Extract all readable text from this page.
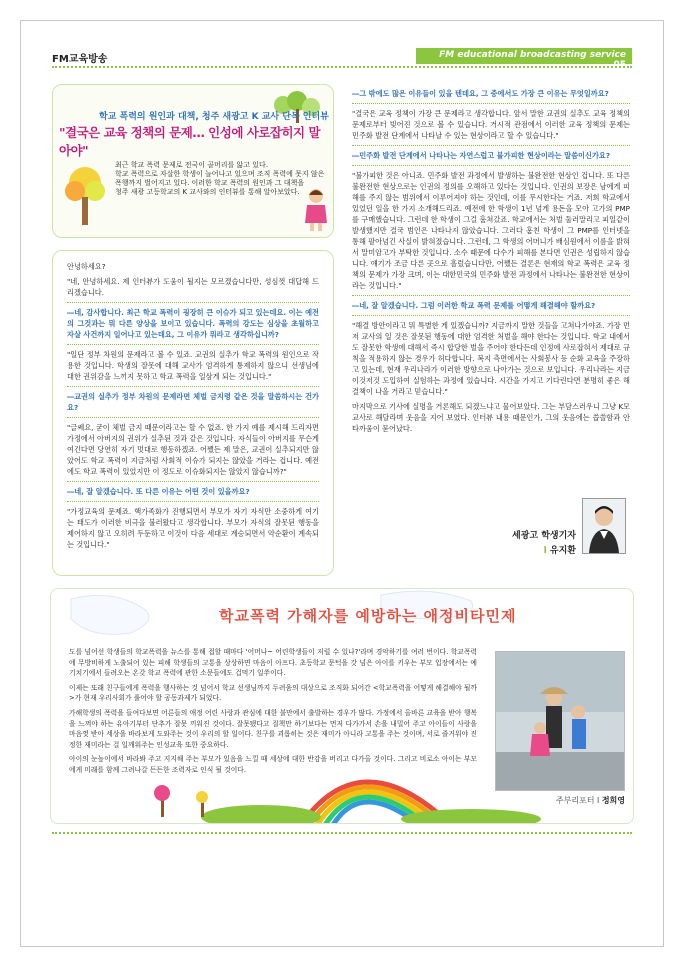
FM교육방송	FM educational broadcasting service 05
학교 폭력의 원인과 대책, 청주 새광고 K 교사 단독 인터뷰
"결국은 교육 정책의 문제… 인성에 사로잡히지 말아야"

최근 학교 폭력 문제로 전국이 골머리를 앓고 있다.

학교 폭력으로 자살한 학생이 늘어나고 있으며 조직 폭력에 못지 않은

폭행까지 벌어지고 있다. 이러한 학교 폭력의 원인과 그 대책을

청주 새광 고등학교의 K 교사와의 인터뷰를 통해 알아보았다.

안녕하세요?

"네, 안녕하세요. 제 인터뷰가 도움이 될지는 모르겠습니다만, 성심껏 대답해 드리겠습니다.

―네, 감사합니다. 최근 학교 폭력이 굉장히 큰 이슈가 되고 있는데요. 이는 예전의 그것과는 뭐 다른 양상을 보이고 있습니다. 폭력의 강도는 심상을 초월하고 자살 사건까지 일어나고 있는데요, 그 이유가 뭐라고 생각하십니까?

"일단 정부 차원의 문제라고 볼 수 있죠. 교권의 실추가 학교 폭력의 원인으로 작용한 것입니다. 학생의 잘못에 대해 교사가 엄격하게 통제하지 않으니 선생님에 대한 권위감을 느끼지 못하고 학교 폭력을 일삼게 되는 것입니다."

―교권의 실추가 정부 차원의 문제라면 체벌 금지령 같은 것을 말씀하시는 건가요?

"글쎄요, 굳이 체벌 금지 때문이라고는 할 수 없죠. 한 가지 예를 제시해 드리자면 가정에서 아버지의 권위가 실추된 것과 같은 것입니다. 자식들이 아버지를 무슨게 여긴다면 당연히 자기 멋대로 행동하겠죠. 어쨌든 제 말은, 교권이 실추되지만 않았어도 학교 폭력이 지금처럼 사회적 이슈가 되지는 않았을 거라는 겁니다. 예전에도 학교 폭력이 있었지만 이 정도로 이슈화되지는 않았지 않습니까?"

―네, 잘 알겠습니다. 또 다른 이유는 어떤 것이 있을까요?

"가정교육의 문제죠. 핵가족화가 진행되면서 부모가 자기 자식만 소중하게 여기는 태도가 이러한 비극을 불러왔다고 생각합니다. 부모가 자식의 잘못된 행동을 제어하지 않고 오히려 두둔하고 이것이 다음 세대로 계승되면서 악순환이 계속되는 것입니다."

―그 밖에도 많은 이유들이 있을 텐데요, 그 중에서도 가장 큰 이유는 무엇일까요?

"결국은 교육 정책이 가장 큰 문제라고 생각합니다. 앞서 말한 교권의 실추도 교육 정책의 문제로부터 빚어진 것으로 볼 수 있습니다. 거시적 관점에서 이러한 교육 정책의 문제는 민주화 발전 단계에서 나타날 수 있는 현상이라고 할 수 있습니다."

―민주화 발전 단계에서 나타나는 자연스럽고 불가피한 현상이라는 말씀이신가요?

"불가피한 것은 아니죠. 민주화 발전 과정에서 발생하는 불완전한 현상인 겁니다. 또 다른 불완전한 현상으로는 인권의 정의를 오해하고 있다는 것입니다. 인권의 보장은 남에게 피해를 주지 않는 범위에서 이루어져야 하는 것인데, 이를 무시한다는 거죠. 저희 학교에서 있었던 일을 한 가지 소개해드리죠. 예전에 한 학생이 1년 넘게 용돈을 모아 고가의 PMP를 구매했습니다. 그런데 한 학생이 그걸 훔쳐갔죠. 학교에서는 처벌 둘러말리고 피일같이 발생했지만 결국 범인은 나타나지 않았습니다. 그러다 훔친 학생이 그 PMP를 인터넷을 통해 팔아넘긴 사실이 밝혀졌습니다. 그런데, 그 학생의 어머니가 배심원에서 이름을 밝혀서 말미암고가 부탁한 것입니다. 소수 때문에 다수가 피해를 본다면 인권은 성립하지 않습니다. 얘기가 조금 다른 곳으로 흘렀습니다만, 어쨌든 결론은 현재의 학교 폭력은 교육 정책의 문제가 가장 크며, 이는 대한민국의 민주화 발전 과정에서 나타나는 불완전한 현상이라는 것입니다."

―네, 잘 알겠습니다. 그럼 이러한 학교 폭력 문제를 어떻게 해결해야 할까요?

"해결 방안이라고 뭐 특별한 게 있겠습니까? 지금까지 말한 것들을 고쳐나가야죠. 가장 먼저 교사의 일 것은 잘못된 행동에 대한 엄격한 처벌을 해야 한다는 것입니다. 학교 내에서도 잘못한 학생에 대해서 즉시 합당한 벌을 주어야 한다든데 인정에 사로잡혀서 제대로 규칙을 적용하지 않는 경우가 허다합니다. 복지 측면에서는 사회봉사 등 순화 교육을 주장하고 있는데, 현재 우리나라가 이러한 방향으로 나아가는 것으로 보입니다. 우리나라는 지금 이것저것 도입하여 실험하는 과정에 있습니다. 시간을 가지고 기다린다면 분명히 좋은 해결책이 나올 거라고 믿습니다."

마지막으로 기사에 실명을 거론해도 되겠느냐고 물어보았다. 그는 부담스러우니 그냥 K모 교사로 해달라며 웃음을 지어 보였다. 인터뷰 내용 때문인가, 그의 웃음에는 씁쓸함과 안타까움이 묻어났다.

세광고 학생기자
l 유지환
학교폭력 가해자를 예방하는 애정비타민제

도를 넘어선 학생들의 학교폭력을 뉴스를 통해 접할 때마다 '어머나~ 어린학생들이 저럴 수 있나?'라며 경악하기를 여러 번이다. 학교폭력에 무방비하게 노출되어 있는 피해 학생들의 고통을 상상하면 마음이 아프다. 초등학교 문턱을 갓 넘은 아이를 키우는 부모 입장에서는 예기치기에서 들려오는 온갖 학교 폭력에 관한 소문들에도 겁먹기 일쑤이다.

이제는 또래 친구들에게 폭력을 행사하는 것 넘어서 학교 선생님까지 두려움의 대상으로 조직화 되어간 <학교폭력을 어떻게 해결해야 될까>가 현재 우리사회가 풀어야 할 공동과제가 되었다.

가해학생의 폭력을 들여다보면 어른들의 애정 어린 사랑과 관심에 대한 불만에서 출발하는 경우가 많다. 가정에서 올바른 교육을 받아 행복을 느껴야 하는 유아기부터 단추가 잘못 끼워진 것이다. 잘못됐다고 질책만 하기보다는 먼저 다가가서 손을 내밀어 주고 아이들이 사랑을 마음껏 받아 세상을 바라보게 도와주는 것이 우리의 할 일이다. 친구를 괴롭히는 것은 재미가 아니라 고통을 주는 것이며, 서로 즐거워야 진정한 재미라는 걸 일깨워주는 인성교육 또한 중요하다.

아이의 눈높이에서 바라봐 주고 지지해 주는 부모가 있음을 느낄 때 세상에 대한 반감을 버리고 다가올 것이다. 그리고 비로소 아이는 부모에게 미래를 함께 그려나갈 든든한 조력자로 인식 될 것이다.

주부리포터 l 정희영
